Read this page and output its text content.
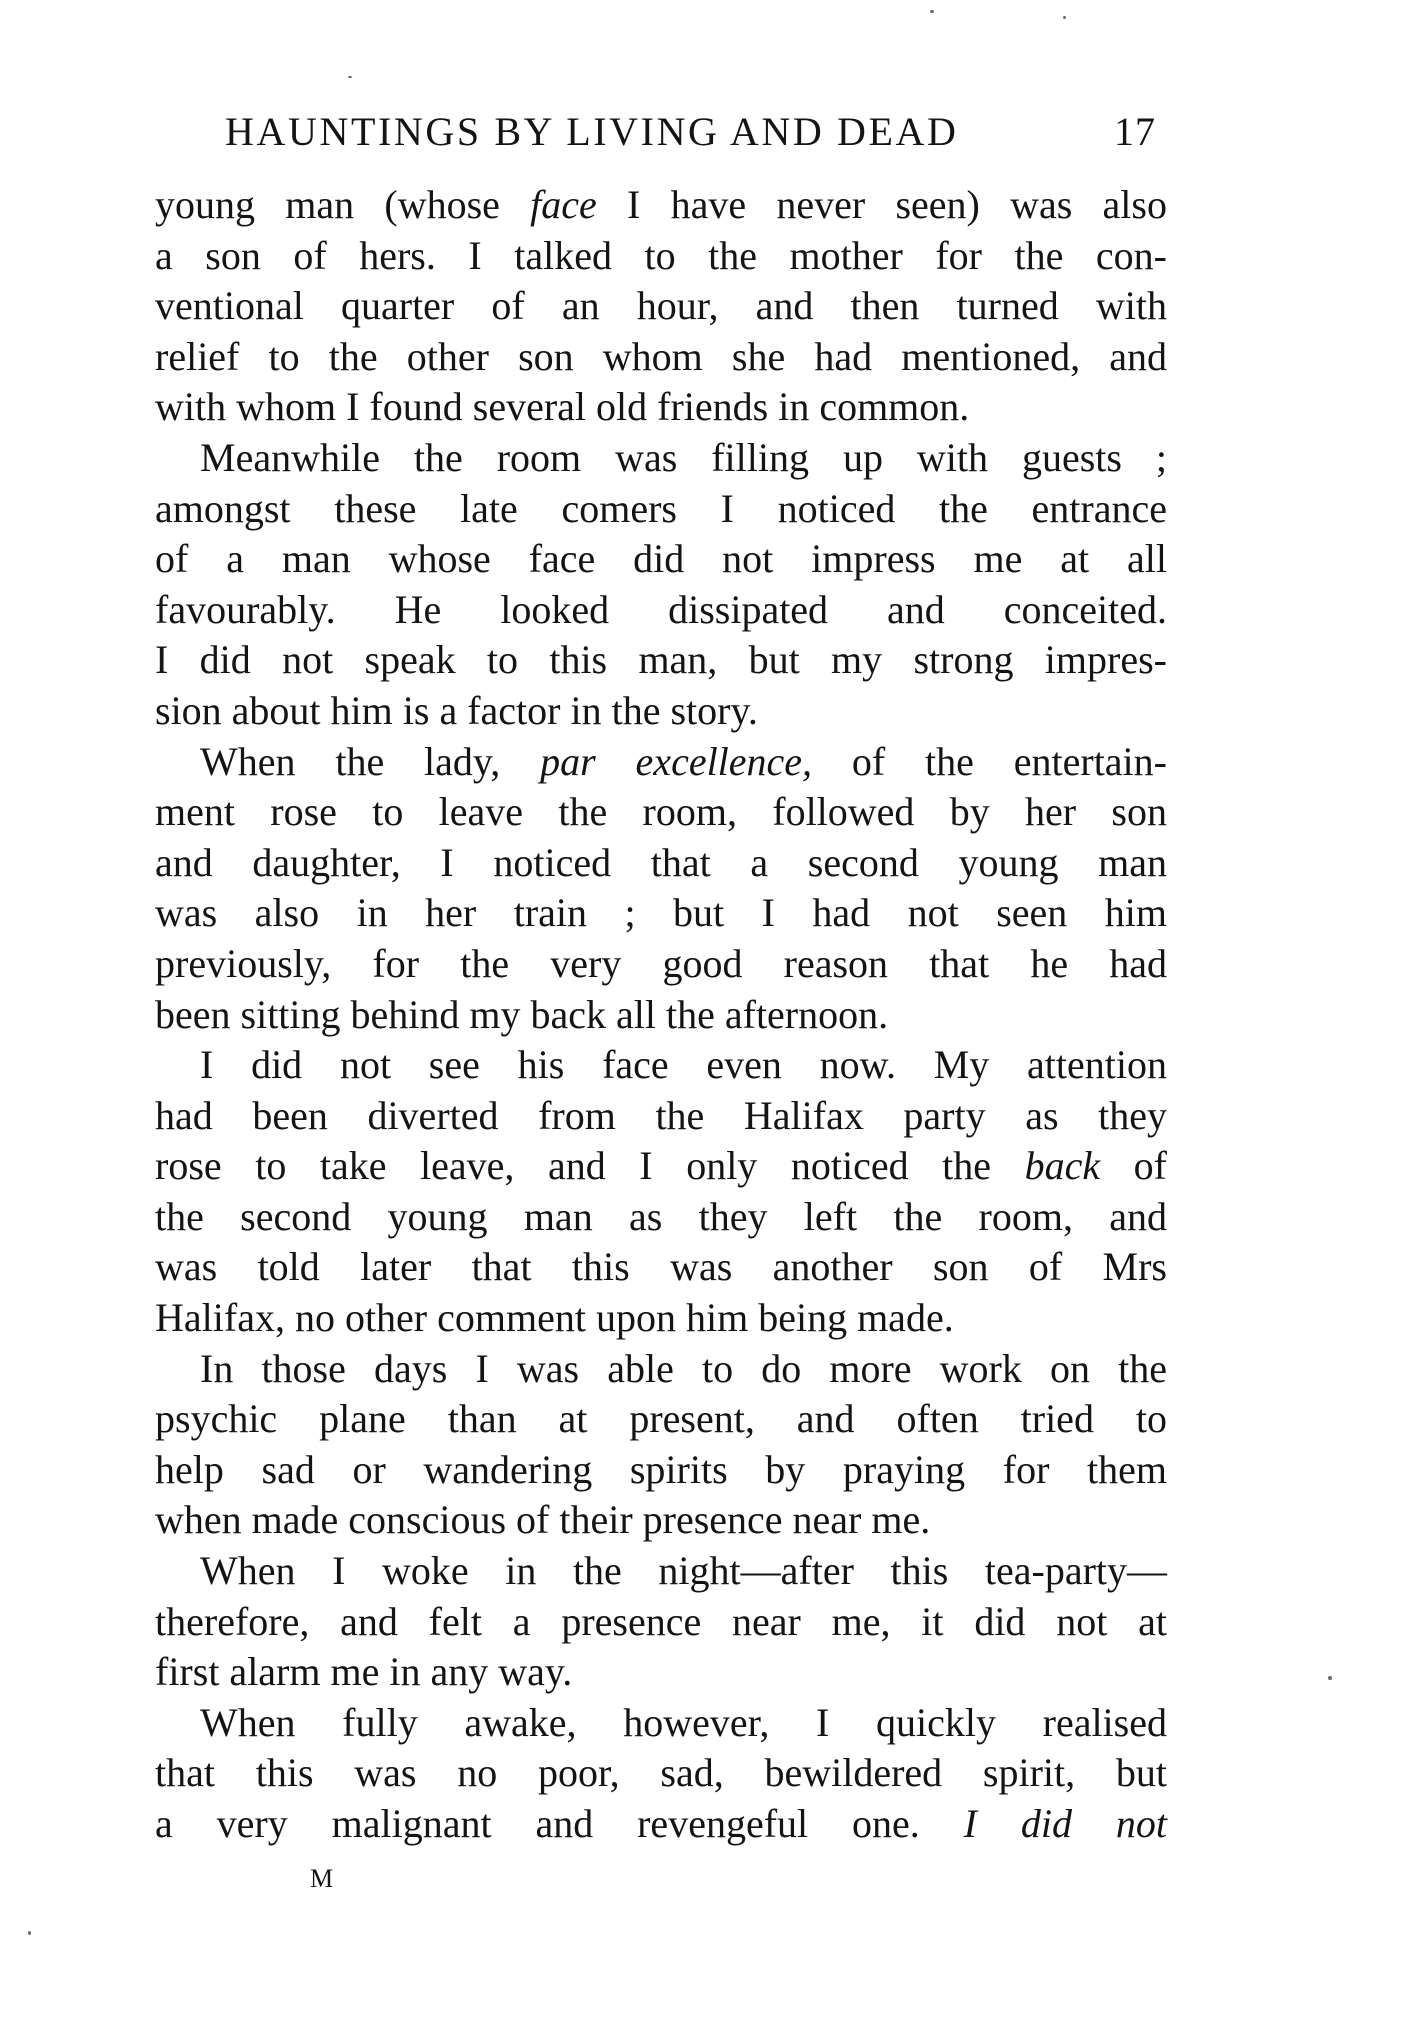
HAUNTINGS BY LIVING AND DEAD	17
young man (whose face I have never seen) was also
a son of hers. I talked to the mother for the con-
ventional quarter of an hour, and then turned with
relief to the other son whom she had mentioned, and
with whom I found several old friends in common.
Meanwhile the room was filling up with guests ;
amongst these late comers I noticed the entrance
of a man whose face did not impress me at all
favourably. He looked dissipated and conceited.
I did not speak to this man, but my strong impres-
sion about him is a factor in the story.
When the lady, par excellence, of the entertain-
ment rose to leave the room, followed by her son
and daughter, I noticed that a second young man
was also in her train ; but I had not seen him
previously, for the very good reason that he had
been sitting behind my back all the afternoon.
I did not see his face even now. My attention
had been diverted from the Halifax party as they
rose to take leave, and I only noticed the back of
the second young man as they left the room, and
was told later that this was another son of Mrs
Halifax, no other comment upon him being made.
In those days I was able to do more work on the
psychic plane than at present, and often tried to
help sad or wandering spirits by praying for them
when made conscious of their presence near me.
When I woke in the night—after this tea-party—
therefore, and felt a presence near me, it did not at
first alarm me in any way.
When fully awake, however, I quickly realised
that this was no poor, sad, bewildered spirit, but
a very malignant and revengeful one. I did not
M
